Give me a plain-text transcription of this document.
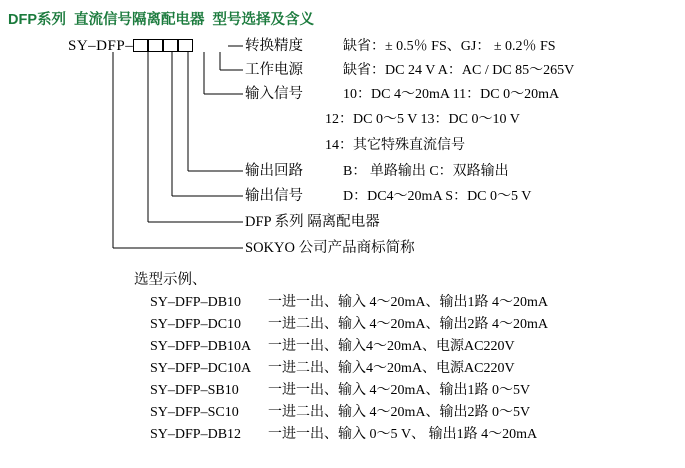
DFP系列 直流信号隔离配电器 型号选择及含义
SY–DFP–	转换精度	缺省：± 0.5％ FS、GJ： ± 0.2％ FS
工作电源	缺省：DC 24 V A：AC / DC 85～265V
输入信号	10：DC 4～20mA 11：DC 0～20mA
12：DC 0～5 V 13：DC 0～10 V
14：其它特殊直流信号
输出回路	B： 单路输出 C：双路输出
输出信号	D：DC4～20mA S：DC 0～5 V
DFP 系列 隔离配电器
SOKYO 公司产品商标简称
选型示例、
SY–DFP–DB10 一进一出、输入 4～20mA、输出1路 4～20mA
SY–DFP–DC10 一进二出、输入 4～20mA、输出2路 4～20mA
SY–DFP–DB10A 一进一出、输入4～20mA、电源AC220V
SY–DFP–DC10A 一进二出、输入4～20mA、电源AC220V
SY–DFP–SB10 一进一出、输入 4～20mA、输出1路 0～5V
SY–DFP–SC10 一进二出、输入 4～20mA、输出2路 0～5V
SY–DFP–DB12 一进一出、输入 0～5 V、 输出1路 4～20mA
